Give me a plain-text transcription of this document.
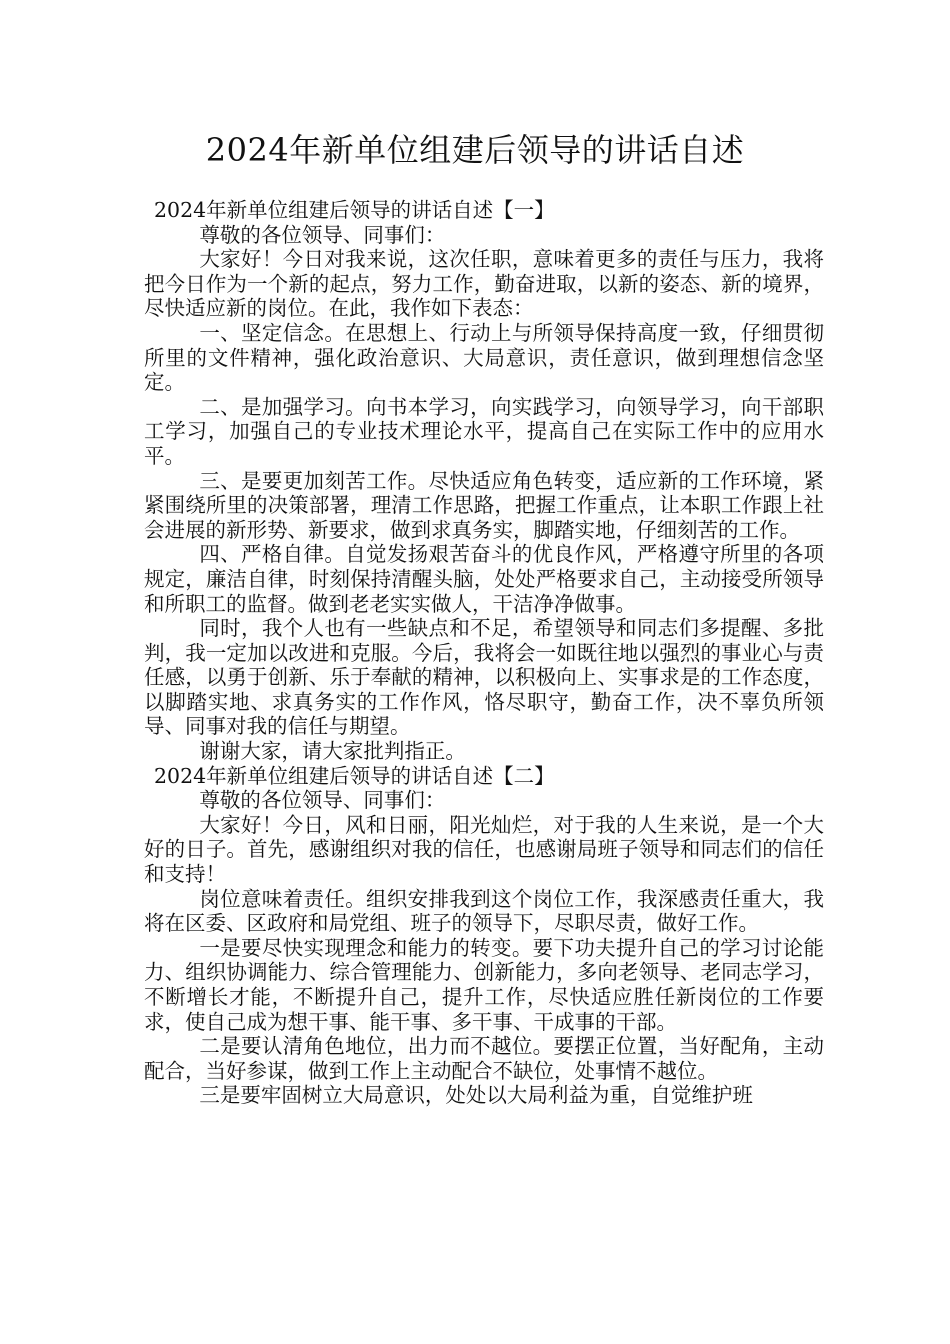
2024年新单位组建后领导的讲话自述
2024年新单位组建后领导的讲话自述【一】

尊敬的各位领导、同事们：

大家好！今日对我来说，这次任职，意味着更多的责任与压力，我将把今日作为一个新的起点，努力工作，勤奋进取，以新的姿态、新的境界，尽快适应新的岗位。在此，我作如下表态：

一、坚定信念。在思想上、行动上与所领导保持高度一致，仔细贯彻所里的文件精神，强化政治意识、大局意识，责任意识，做到理想信念坚定。

二、是加强学习。向书本学习，向实践学习，向领导学习，向干部职工学习，加强自己的专业技术理论水平，提高自己在实际工作中的应用水平。

三、是要更加刻苦工作。尽快适应角色转变，适应新的工作环境，紧紧围绕所里的决策部署，理清工作思路，把握工作重点，让本职工作跟上社会进展的新形势、新要求，做到求真务实，脚踏实地，仔细刻苦的工作。

四、严格自律。自觉发扬艰苦奋斗的优良作风，严格遵守所里的各项规定，廉洁自律，时刻保持清醒头脑，处处严格要求自己，主动接受所领导和所职工的监督。做到老老实实做人，干洁净净做事。

同时，我个人也有一些缺点和不足，希望领导和同志们多提醒、多批判，我一定加以改进和克服。今后，我将会一如既往地以强烈的事业心与责任感，以勇于创新、乐于奉献的精神，以积极向上、实事求是的工作态度，以脚踏实地、求真务实的工作作风，恪尽职守，勤奋工作，决不辜负所领导、同事对我的信任与期望。

谢谢大家，请大家批判指正。

2024年新单位组建后领导的讲话自述【二】

尊敬的各位领导、同事们：

大家好！今日，风和日丽，阳光灿烂，对于我的人生来说，是一个大好的日子。首先，感谢组织对我的信任，也感谢局班子领导和同志们的信任和支持！

岗位意味着责任。组织安排我到这个岗位工作，我深感责任重大，我将在区委、区政府和局党组、班子的领导下，尽职尽责，做好工作。

一是要尽快实现理念和能力的转变。要下功夫提升自己的学习讨论能力、组织协调能力、综合管理能力、创新能力，多向老领导、老同志学习，不断增长才能，不断提升自己，提升工作，尽快适应胜任新岗位的工作要求，使自己成为想干事、能干事、多干事、干成事的干部。

二是要认清角色地位，出力而不越位。要摆正位置，当好配角，主动配合，当好参谋，做到工作上主动配合不缺位，处事情不越位。

三是要牢固树立大局意识，处处以大局利益为重，自觉维护班
